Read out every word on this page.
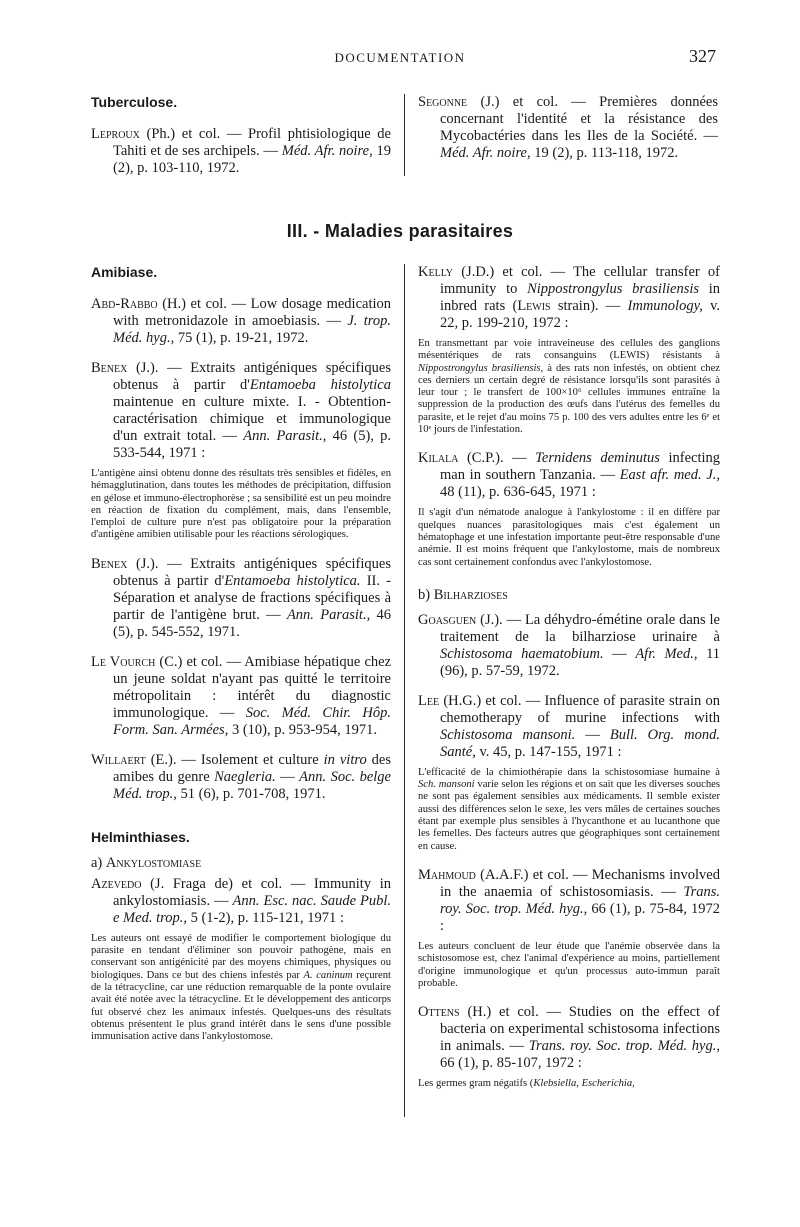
DOCUMENTATION	327
Tuberculose.

Leproux (Ph.) et col. — Profil phtisiologique de Tahiti et de ses archipels. — Méd. Afr. noire, 19 (2), p. 103-110, 1972.

Segonne (J.) et col. — Premières données concernant l'identité et la résistance des Mycobactéries dans les Iles de la Société. — Méd. Afr. noire, 19 (2), p. 113-118, 1972.

III. - Maladies parasitaires
Amibiase.

Abd-Rabbo (H.) et col. — Low dosage medication with metronidazole in amoebiasis. — J. trop. Méd. hyg., 75 (1), p. 19-21, 1972.

Benex (J.). — Extraits antigéniques spécifiques obtenus à partir d'Entamoeba histolytica maintenue en culture mixte. I. - Obtention-caractérisation chimique et immunologique d'un extrait total. — Ann. Parasit., 46 (5), p. 533-544, 1971 :

L'antigène ainsi obtenu donne des résultats très sensibles et fidèles, en hémagglutination, dans toutes les méthodes de précipitation, diffusion en gélose et immuno-électrophorèse ; sa sensibilité est un peu moindre en réaction de fixation du complément, mais, dans l'ensemble, l'emploi de culture pure n'est pas obligatoire pour la préparation d'antigène amibien utilisable pour les réactions sérologiques.

Benex (J.). — Extraits antigéniques spécifiques obtenus à partir d'Entamoeba histolytica. II. - Séparation et analyse de fractions spécifiques à partir de l'antigène brut. — Ann. Parasit., 46 (5), p. 545-552, 1971.

Le Vourch (C.) et col. — Amibiase hépatique chez un jeune soldat n'ayant pas quitté le territoire métropolitain : intérêt du diagnostic immunologique. — Soc. Méd. Chir. Hôp. Form. San. Armées, 3 (10), p. 953-954, 1971.

Willaert (E.). — Isolement et culture in vitro des amibes du genre Naegleria. — Ann. Soc. belge Méd. trop., 51 (6), p. 701-708, 1971.

Helminthiases.
a) Ankylostomiase

Azevedo (J. Fraga de) et col. — Immunity in ankylostomiasis. — Ann. Esc. nac. Saude Publ. e Med. trop., 5 (1-2), p. 115-121, 1971 :

Les auteurs ont essayé de modifier le comportement biologique du parasite en tendant d'éliminer son pouvoir pathogène, mais en conservant son antigénicité par des moyens chimiques, physiques ou biologiques. Dans ce but des chiens infestés par A. caninum reçurent de la tétracycline, car une réduction remarquable de la ponte ovulaire avait été notée avec la tétracycline. Et le développement des anticorps fut observé chez les animaux infestés. Quelques-uns des résultats obtenus présentent le plus grand intérêt dans le sens d'une possible immunisation active dans l'ankylostomose.

Kelly (J.D.) et col. — The cellular transfer of immunity to Nippostrongylus brasiliensis in inbred rats (Lewis strain). — Immunology, v. 22, p. 199-210, 1972 :

En transmettant par voie intraveineuse des cellules des ganglions mésentériques de rats consanguins (LEWIS) résistants à Nippostrongylus brasiliensis, à des rats non infestés, on obtient chez ces derniers un certain degré de résistance lorsqu'ils sont parasités à leur tour ; le transfert de 100×10⁶ cellules immunes entraîne la suppression de la production des œufs dans l'utérus des femelles du parasite, et le rejet d'au moins 75 p. 100 des vers adultes entre les 6ᵉ et 10ᵉ jours de l'infestation.

Kilala (C.P.). — Ternidens deminutus infecting man in southern Tanzania. — East afr. med. J., 48 (11), p. 636-645, 1971 :

Il s'agit d'un nématode analogue à l'ankylostome : il en diffère par quelques nuances parasitologiques mais c'est également un hématophage et une infestation importante peut-être responsable d'une anémie. Il est moins fréquent que l'ankylostome, mais de nombreux cas sont certainement confondus avec l'ankylostomose.

b) Bilharzioses

Goasguen (J.). — La déhydro-émétine orale dans le traitement de la bilharziose urinaire à Schistosoma haematobium. — Afr. Med., 11 (96), p. 57-59, 1972.

Lee (H.G.) et col. — Influence of parasite strain on chemotherapy of murine infections with Schistosoma mansoni. — Bull. Org. mond. Santé, v. 45, p. 147-155, 1971 :

L'efficacité de la chimiothérapie dans la schistosomiase humaine à Sch. mansoni varie selon les régions et on sait que les diverses souches ne sont pas également sensibles aux médicaments. Il semble exister aussi des différences selon le sexe, les vers mâles de certaines souches étant par exemple plus sensibles à l'hycanthone et au lucanthone que les femelles. Des facteurs autres que géographiques sont certainement en cause.

Mahmoud (A.A.F.) et col. — Mechanisms involved in the anaemia of schistosomiasis. — Trans. roy. Soc. trop. Méd. hyg., 66 (1), p. 75-84, 1972 :

Les auteurs concluent de leur étude que l'anémie observée dans la schistosomose est, chez l'animal d'expérience au moins, partiellement d'origine immunologique et qu'un processus auto-immun paraît probable.

Ottens (H.) et col. — Studies on the effect of bacteria on experimental schistosoma infections in animals. — Trans. roy. Soc. trop. Méd. hyg., 66 (1), p. 85-107, 1972 :

Les germes gram négatifs (Klebsiella, Escherichia,
